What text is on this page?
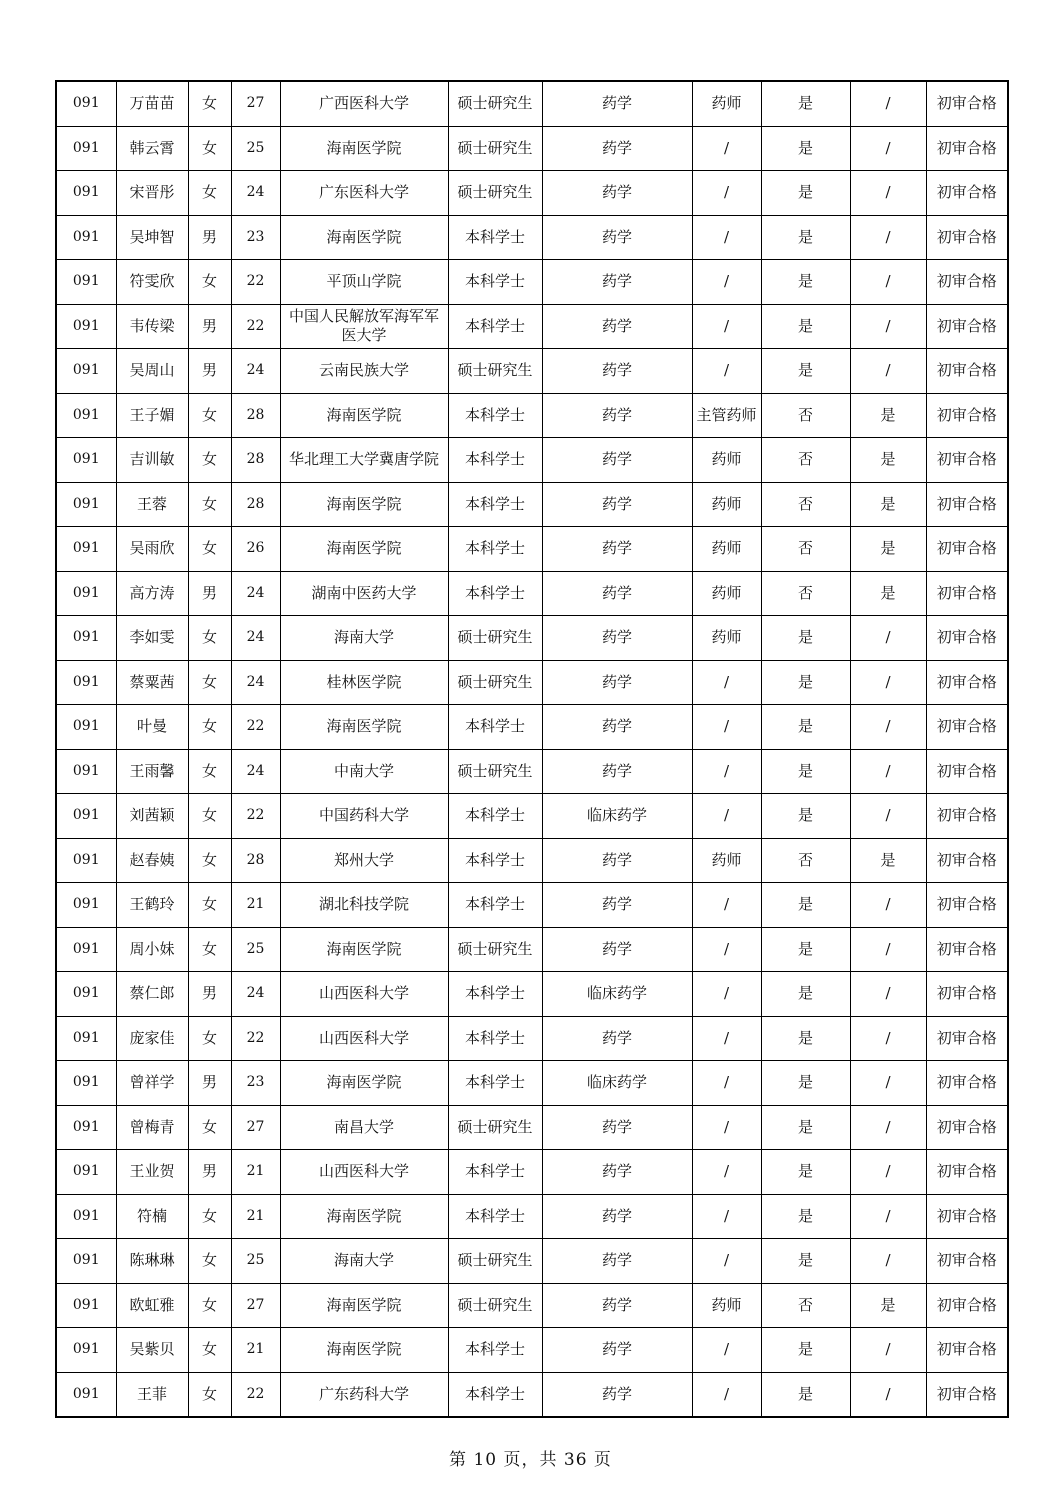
091	万苗苗	女	27	广西医科大学	硕士研究生	药学	药师	是	/	初审合格
091	韩云霄	女	25	海南医学院	硕士研究生	药学	/	是	/	初审合格
091	宋晋彤	女	24	广东医科大学	硕士研究生	药学	/	是	/	初审合格
091	吴坤智	男	23	海南医学院	本科学士	药学	/	是	/	初审合格
091	符雯欣	女	22	平顶山学院	本科学士	药学	/	是	/	初审合格
091	韦传梁	男	22	中国人民解放军海军军医大学	本科学士	药学	/	是	/	初审合格
091	吴周山	男	24	云南民族大学	硕士研究生	药学	/	是	/	初审合格
091	王子媚	女	28	海南医学院	本科学士	药学	主管药师	否	是	初审合格
091	吉训敏	女	28	华北理工大学冀唐学院	本科学士	药学	药师	否	是	初审合格
091	王蓉	女	28	海南医学院	本科学士	药学	药师	否	是	初审合格
091	吴雨欣	女	26	海南医学院	本科学士	药学	药师	否	是	初审合格
091	高方涛	男	24	湖南中医药大学	本科学士	药学	药师	否	是	初审合格
091	李如雯	女	24	海南大学	硕士研究生	药学	药师	是	/	初审合格
091	蔡粟茜	女	24	桂林医学院	硕士研究生	药学	/	是	/	初审合格
091	叶曼	女	22	海南医学院	本科学士	药学	/	是	/	初审合格
091	王雨馨	女	24	中南大学	硕士研究生	药学	/	是	/	初审合格
091	刘茜颖	女	22	中国药科大学	本科学士	临床药学	/	是	/	初审合格
091	赵春姨	女	28	郑州大学	本科学士	药学	药师	否	是	初审合格
091	王鹤玲	女	21	湖北科技学院	本科学士	药学	/	是	/	初审合格
091	周小妹	女	25	海南医学院	硕士研究生	药学	/	是	/	初审合格
091	蔡仁郎	男	24	山西医科大学	本科学士	临床药学	/	是	/	初审合格
091	庞家佳	女	22	山西医科大学	本科学士	药学	/	是	/	初审合格
091	曾祥学	男	23	海南医学院	本科学士	临床药学	/	是	/	初审合格
091	曾梅青	女	27	南昌大学	硕士研究生	药学	/	是	/	初审合格
091	王业贺	男	21	山西医科大学	本科学士	药学	/	是	/	初审合格
091	符楠	女	21	海南医学院	本科学士	药学	/	是	/	初审合格
091	陈琳琳	女	25	海南大学	硕士研究生	药学	/	是	/	初审合格
091	欧虹雅	女	27	海南医学院	硕士研究生	药学	药师	否	是	初审合格
091	吴紫贝	女	21	海南医学院	本科学士	药学	/	是	/	初审合格
091	王菲	女	22	广东药科大学	本科学士	药学	/	是	/	初审合格
第 10 页，共 36 页
